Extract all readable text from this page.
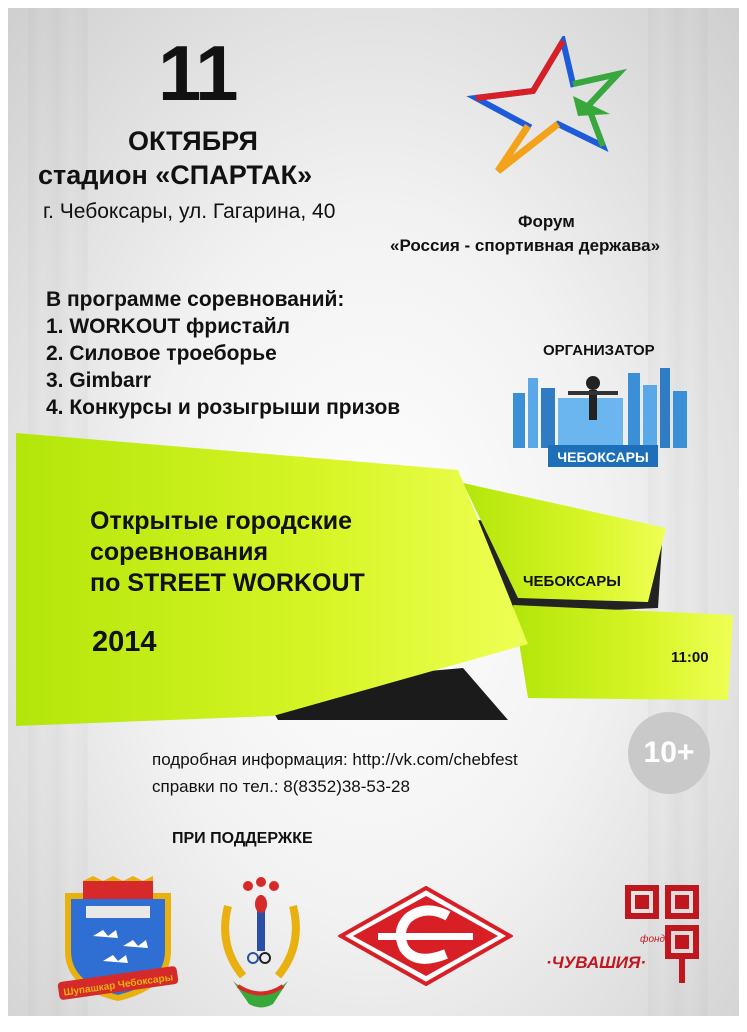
11
ОКТЯБРЯ
стадион «СПАРТАК»
г. Чебоксары, ул. Гагарина, 40	Форум
«Россия - спортивная держава»
В программе соревнований:
1. WORKOUT фристайл
2. Силовое троеборье
3. Gimbarr
4. Конкурсы и розыгрыши призов
ОРГАНИЗАТОР
ЧЕБОКСАРЫ
Открытые городские
соревнования
по STREET WORKOUT
2014
ЧЕБОКСАРЫ
11:00
10+
подробная информация: http://vk.com/chebfest
справки по тел.: 8(8352)38-53-28
ПРИ ПОДДЕРЖКЕ
Шупашкар Чебоксары
фонд
·ЧУВАШИЯ·
